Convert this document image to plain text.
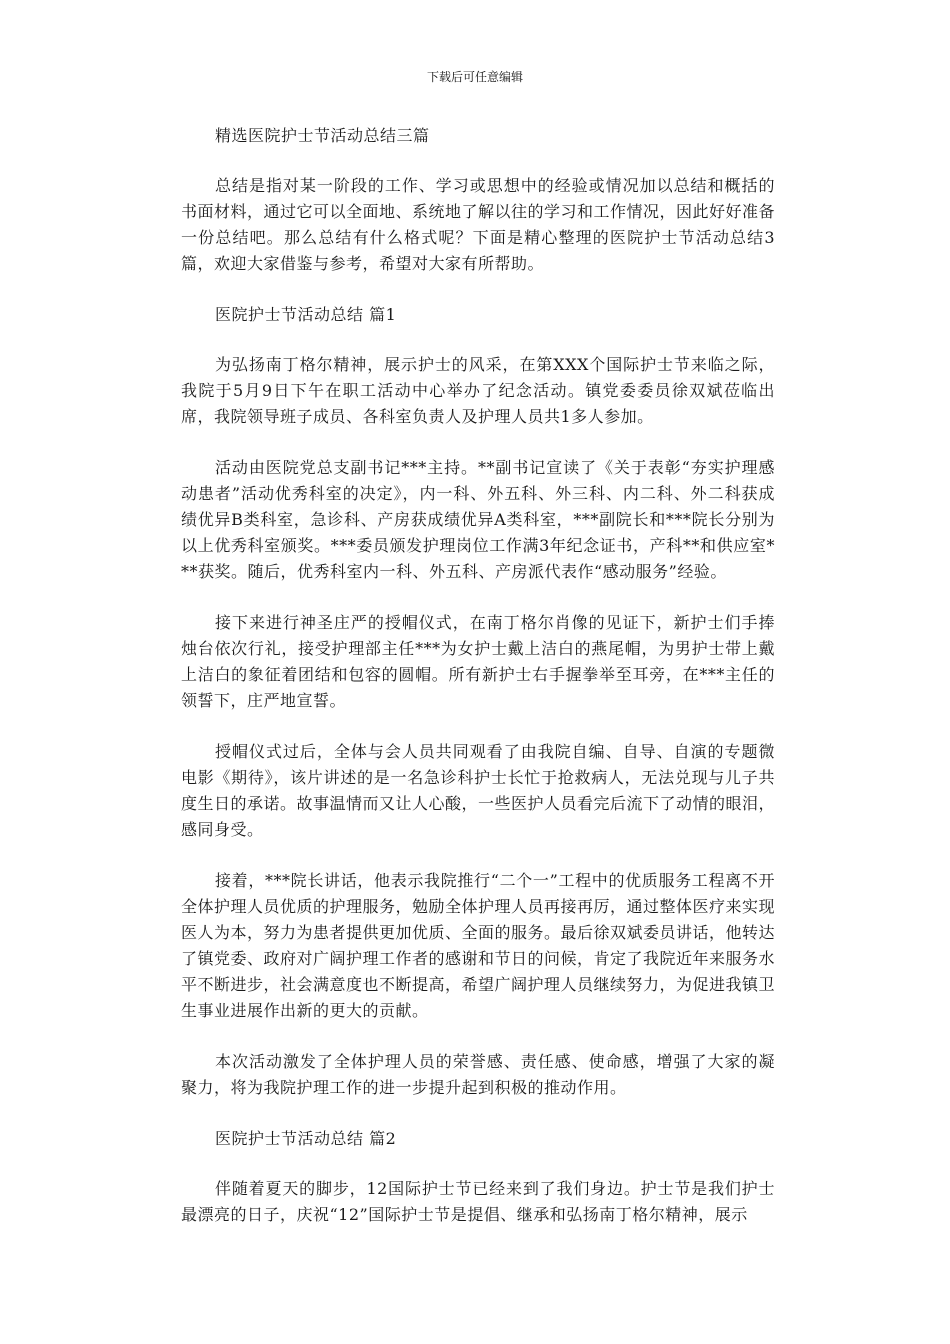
下载后可任意编辑
精选医院护士节活动总结三篇

总结是指对某一阶段的工作、学习或思想中的经验或情况加以总结和概括的书面材料，通过它可以全面地、系统地了解以往的学习和工作情况，因此好好准备一份总结吧。那么总结有什么格式呢？下面是精心整理的医院护士节活动总结3篇，欢迎大家借鉴与参考，希望对大家有所帮助。

医院护士节活动总结 篇1

为弘扬南丁格尔精神，展示护士的风采，在第XXX个国际护士节来临之际，我院于5月9日下午在职工活动中心举办了纪念活动。镇党委委员徐双斌莅临出席，我院领导班子成员、各科室负责人及护理人员共1多人参加。

活动由医院党总支副书记***主持。**副书记宣读了《关于表彰“夯实护理感动患者”活动优秀科室的决定》，内一科、外五科、外三科、内二科、外二科获成绩优异B类科室，急诊科、产房获成绩优异A类科室，***副院长和***院长分别为以上优秀科室颁奖。***委员颁发护理岗位工作满3年纪念证书，产科**和供应室***获奖。随后，优秀科室内一科、外五科、产房派代表作“感动服务”经验。

接下来进行神圣庄严的授帽仪式，在南丁格尔肖像的见证下，新护士们手捧烛台依次行礼，接受护理部主任***为女护士戴上洁白的燕尾帽，为男护士带上戴上洁白的象征着团结和包容的圆帽。所有新护士右手握拳举至耳旁，在***主任的领誓下，庄严地宣誓。

授帽仪式过后，全体与会人员共同观看了由我院自编、自导、自演的专题微电影《期待》，该片讲述的是一名急诊科护士长忙于抢救病人，无法兑现与儿子共度生日的承诺。故事温情而又让人心酸，一些医护人员看完后流下了动情的眼泪，感同身受。

接着，***院长讲话，他表示我院推行“二个一”工程中的优质服务工程离不开全体护理人员优质的护理服务，勉励全体护理人员再接再厉，通过整体医疗来实现医人为本，努力为患者提供更加优质、全面的服务。最后徐双斌委员讲话，他转达了镇党委、政府对广阔护理工作者的感谢和节日的问候，肯定了我院近年来服务水平不断进步，社会满意度也不断提高，希望广阔护理人员继续努力，为促进我镇卫生事业进展作出新的更大的贡献。

本次活动激发了全体护理人员的荣誉感、责任感、使命感，增强了大家的凝聚力，将为我院护理工作的进一步提升起到积极的推动作用。

医院护士节活动总结 篇2

伴随着夏天的脚步，12国际护士节已经来到了我们身边。护士节是我们护士最漂亮的日子，庆祝“12”国际护士节是提倡、继承和弘扬南丁格尔精神，展示
